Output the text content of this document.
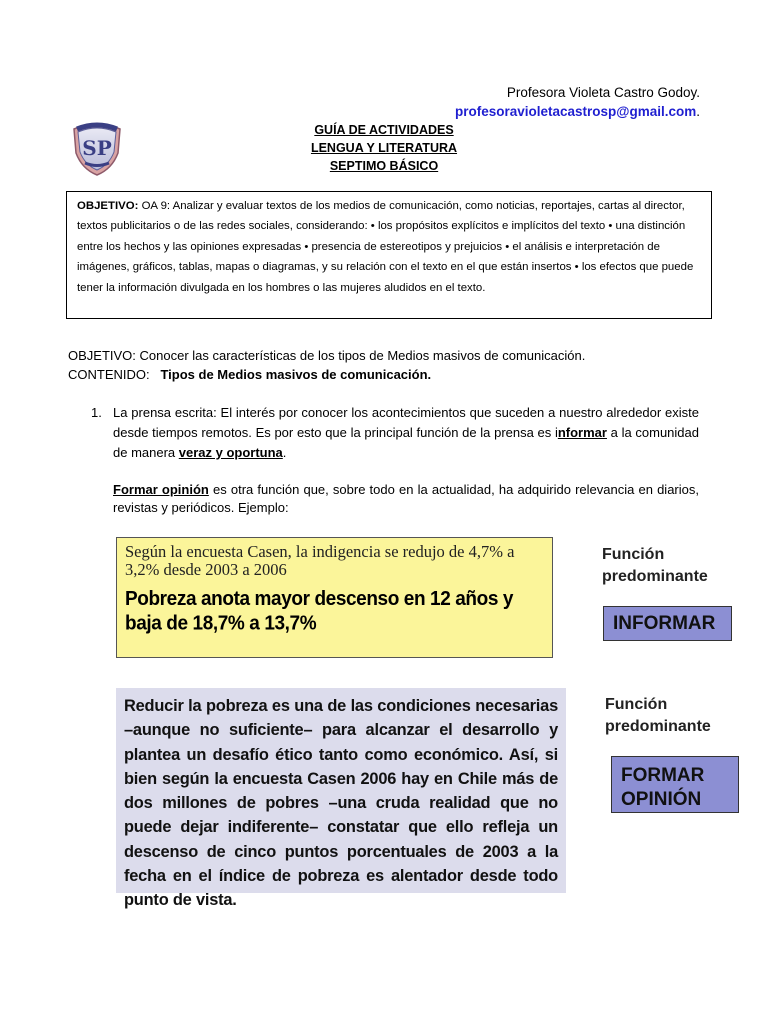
Profesora Violeta Castro Godoy.
profesoravioletacastrosp@gmail.com.
SP
GUÍA DE ACTIVIDADES
LENGUA Y LITERATURA
SEPTIMO BÁSICO
OBJETIVO: OA 9: Analizar y evaluar textos de los medios de comunicación, como noticias, reportajes, cartas al director, textos publicitarios o de las redes sociales, considerando: • los propósitos explícitos e implícitos del texto • una distinción entre los hechos y las opiniones expresadas • presencia de estereotipos y prejuicios • el análisis e interpretación de imágenes, gráficos, tablas, mapas o diagramas, y su relación con el texto en el que están insertos • los efectos que puede tener la información divulgada en los hombres o las mujeres aludidos en el texto.
OBJETIVO: Conocer las características de los tipos de Medios masivos de comunicación.
CONTENIDO: Tipos de Medios masivos de comunicación.
1. La prensa escrita: El interés por conocer los acontecimientos que suceden a nuestro alrededor existe desde tiempos remotos. Es por esto que la principal función de la prensa es informar a la comunidad de manera veraz y oportuna.
Formar opinión es otra función que, sobre todo en la actualidad, ha adquirido relevancia en diarios, revistas y periódicos. Ejemplo:
Según la encuesta Casen, la indigencia se redujo de 4,7% a 3,2% desde 2003 a 2006
Pobreza anota mayor descenso en 12 años y baja de 18,7% a 13,7%
Función
predominante
INFORMAR
Reducir la pobreza es una de las condiciones necesarias –aunque no suficiente– para alcanzar el desarrollo y plantea un desafío ético tanto como económico. Así, si bien según la encuesta Casen 2006 hay en Chile más de dos millones de pobres –una cruda realidad que no puede dejar indiferente– constatar que ello refleja un descenso de cinco puntos porcentuales de 2003 a la fecha en el índice de pobreza es alentador desde todo punto de vista.
Función
predominante
FORMAR
OPINIÓN
